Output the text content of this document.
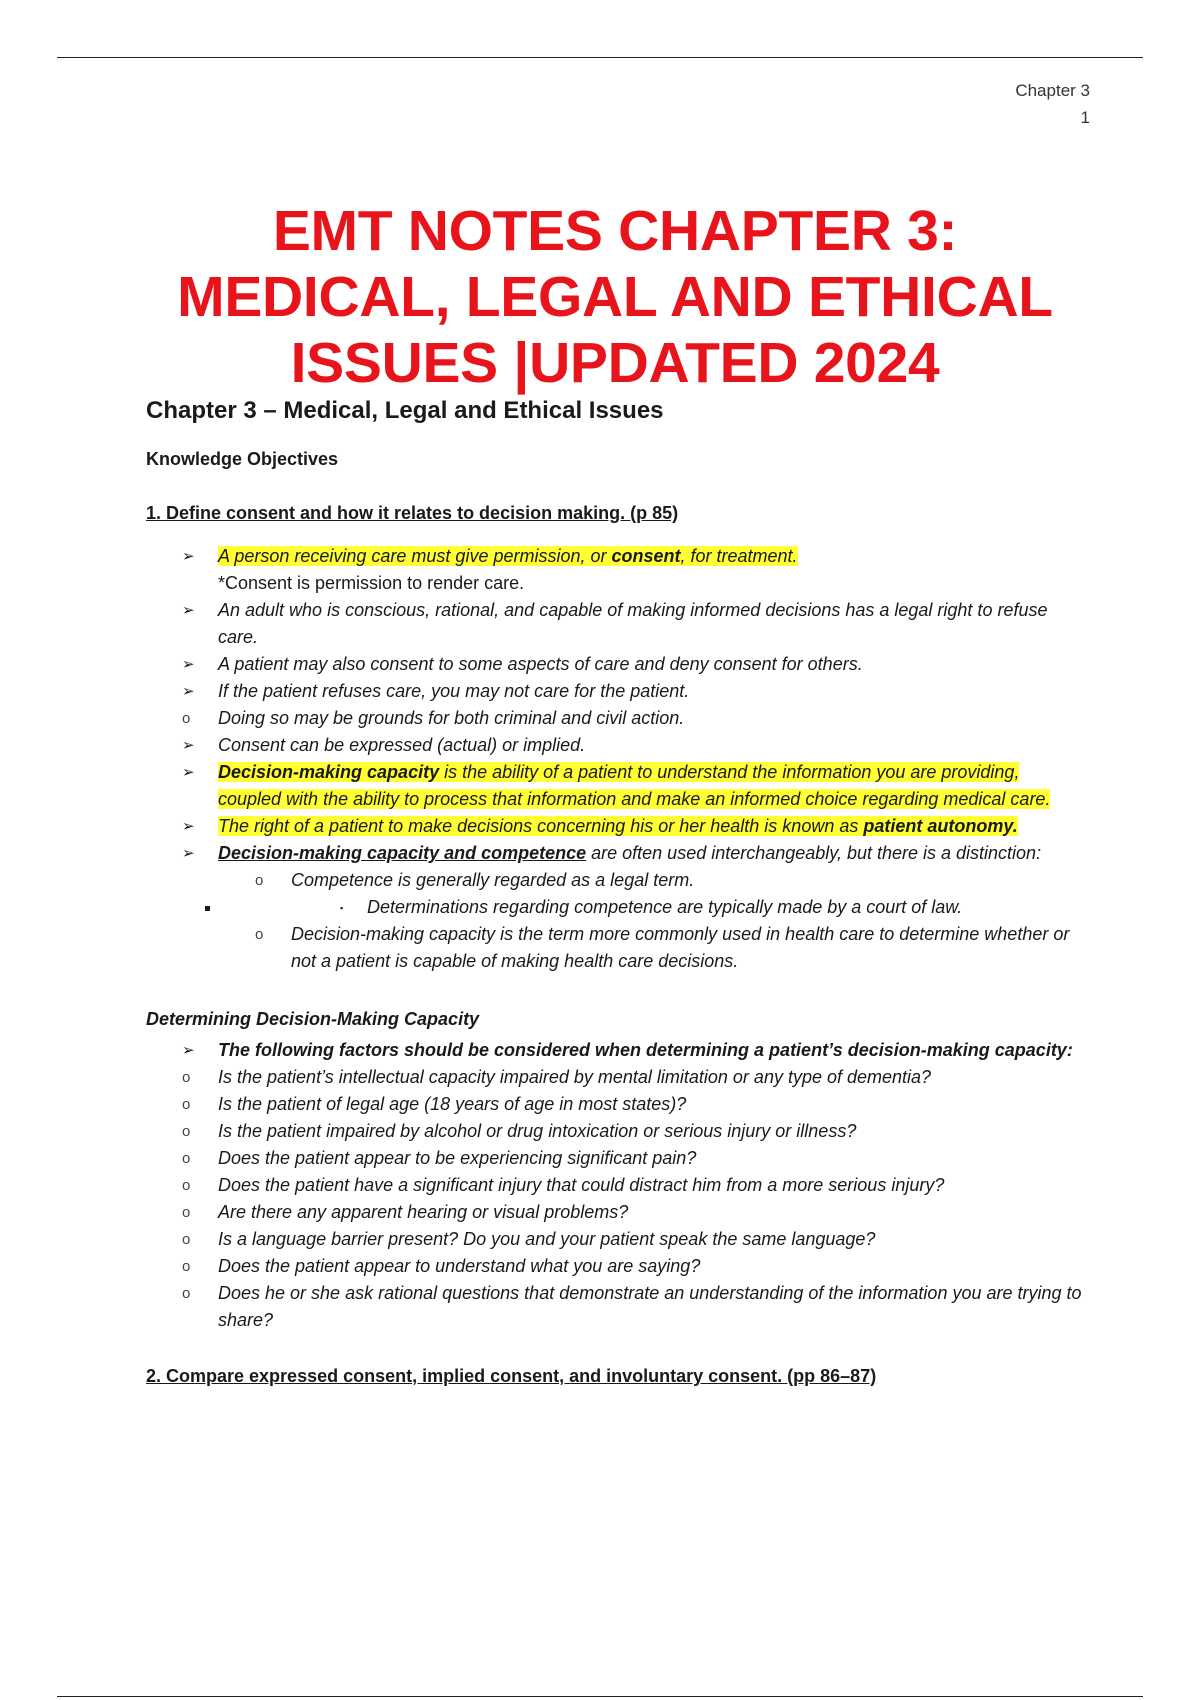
Chapter 3
1
EMT NOTES CHAPTER 3:
MEDICAL, LEGAL AND ETHICAL
ISSUES |UPDATED 2024
Chapter 3 – Medical, Legal and Ethical Issues

Knowledge Objectives

1. Define consent and how it relates to decision making. (p 85)

➢ A person receiving care must give permission, or consent, for treatment.
*Consent is permission to render care.
➢ An adult who is conscious, rational, and capable of making informed decisions has a legal right to refuse care.
➢ A patient may also consent to some aspects of care and deny consent for others.
➢ If the patient refuses care, you may not care for the patient.
o Doing so may be grounds for both criminal and civil action.
➢ Consent can be expressed (actual) or implied.
➢ Decision-making capacity is the ability of a patient to understand the information you are providing, coupled with the ability to process that information and make an informed choice regarding medical care.
➢ The right of a patient to make decisions concerning his or her health is known as patient autonomy.
➢ Decision-making capacity and competence are often used interchangeably, but there is a distinction:
o Competence is generally regarded as a legal term.
▪ ▪ Determinations regarding competence are typically made by a court of law.
o Decision-making capacity is the term more commonly used in health care to determine whether or not a patient is capable of making health care decisions.

Determining Decision-Making Capacity

➢ The following factors should be considered when determining a patient’s decision-making capacity:
o Is the patient’s intellectual capacity impaired by mental limitation or any type of dementia?
o Is the patient of legal age (18 years of age in most states)?
o Is the patient impaired by alcohol or drug intoxication or serious injury or illness?
o Does the patient appear to be experiencing significant pain?
o Does the patient have a significant injury that could distract him from a more serious injury?
o Are there any apparent hearing or visual problems?
o Is a language barrier present? Do you and your patient speak the same language?
o Does the patient appear to understand what you are saying?
o Does he or she ask rational questions that demonstrate an understanding of the information you are trying to share?

2. Compare expressed consent, implied consent, and involuntary consent. (pp 86–87)
